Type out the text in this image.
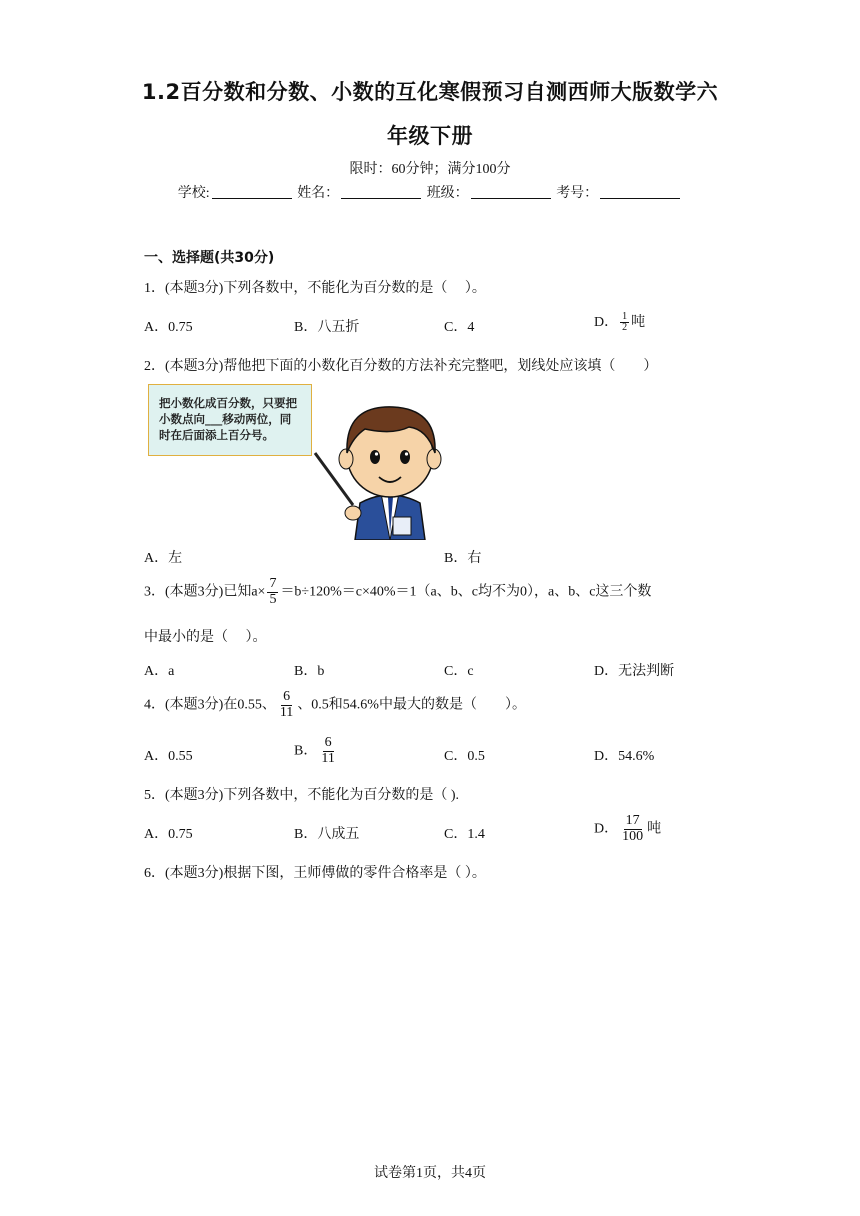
1.2百分数和分数、小数的互化寒假预习自测西师大版数学六
年级下册
限时：60分钟；满分100分
学校:	姓名：	班级：	考号：
一、选择题(共30分)
1．(本题3分)下列各数中，不能化为百分数的是（　 ）。
A．0.75	B．八五折	C．4	D． $\frac{1}{2}$ 吨
2．(本题3分)帮他把下面的小数化百分数的方法补充完整吧，划线处应该填（　　）
把小数化成百分数，只要把
小数点向___移动两位，同
时在后面添上百分号。
A．左	B．右
3．(本题3分)已知$a\times \frac{7}{5} =b\div 120\%=c\times 40\%=1(a$、b、c均不为0），a、b、c这三个数
中最小的是（　 ）。
A．a	B．b	C．c	D．无法判断
4．(本题3分)在0.55、 $\frac{6}{11}$ 、0.5和54.6%中最大的数是（　　）。
A．0.55	B． $\frac{6}{11}$	C．0.5	D．54.6%
5．(本题3分)下列各数中，不能化为百分数的是（ ).
A．0.75	B．八成五	C．1.4	D． $\frac{17}{100}$ 吨
6．(本题3分)根据下图，王师傅做的零件合格率是（ ）。
试卷第1页，共4页
